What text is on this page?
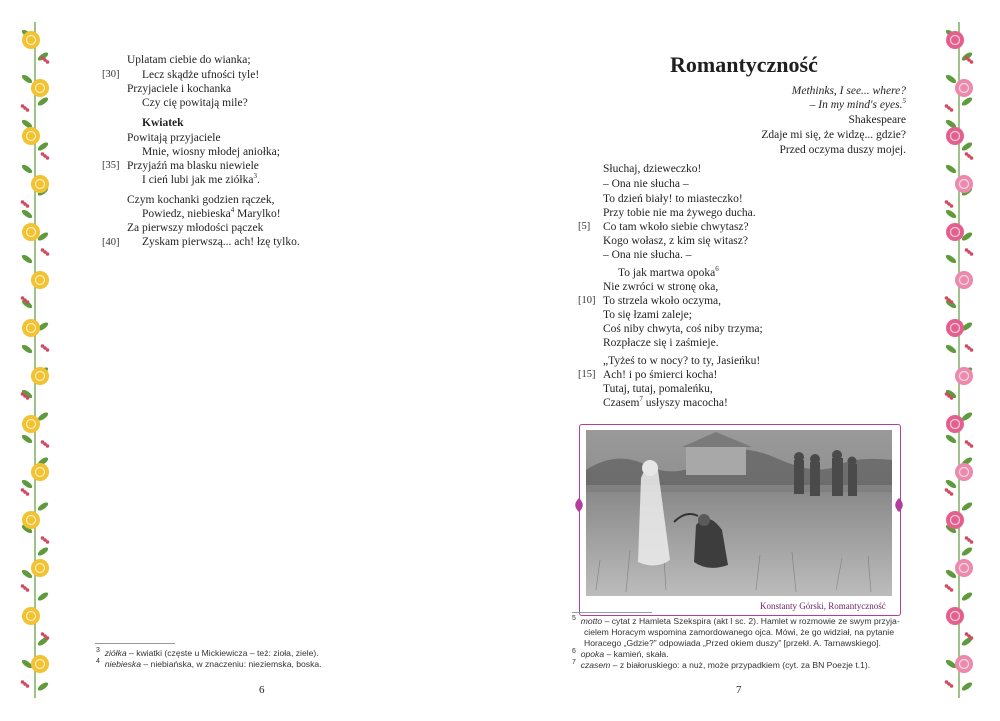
Uplatam ciebie do wianka;
[30] Lecz skądże ufności tyle!
Przyjaciele i kochanka
Czy cię powitają mile?
Kwiatek
Powitają przyjaciele
Mnie, wiosny młodej aniołka;
[35] Przyjaźń ma blasku niewiele
I cień lubi jak me ziółka$^3$.
Czym kochanki godzien rączek,
Powiedz, niebieska$^4$ Marylko!
Za pierwszy młodości pączek
[40] Zyskam pierwszą... ach! łzę tylko.
$^3$ ziółka – kwiatki (częste u Mickiewicza – też: zioła, ziele).
$^4$ niebieska – niebiańska, w znaczeniu: nieziemska, boska.
6
Romantyczność
Methinks, I see... where?
– In my mind's eyes.$^5$
Shakespeare
Zdaje mi się, że widzę... gdzie?
Przed oczyma duszy mojej.
Słuchaj, dzieweczko!
– Ona nie słucha –
To dzień biały! to miasteczko!
Przy tobie nie ma żywego ducha.
[5] Co tam wkoło siebie chwytasz?
Kogo wołasz, z kim się witasz?
– Ona nie słucha. –
To jak martwa opoka$^6$
Nie zwróci w stronę oka,
[10] To strzela wkoło oczyma,
To się łzami zaleje;
Coś niby chwyta, coś niby trzyma;
Rozpłacze się i zaśmieje.
„Tyżeś to w nocy? to ty, Jasieńku!
[15] Ach! i po śmierci kocha!
Tutaj, tutaj, pomaleńku,
Czasem$^7$ usłyszy macocha!
Konstanty Górski, Romantyczność
$^5$ motto – cytat z Hamleta Szekspira (akt I sc. 2). Hamlet w rozmowie ze swym przyja-
cielem Horacym wspomina zamordowanego ojca. Mówi, że go widział, na pytanie
Horacego „Gdzie?” odpowiada „Przed okiem duszy” [przekł. A. Tarnawskiego].
$^6$ opoka – kamień, skała.
$^7$ czasem – z białoruskiego: a nuż, może przypadkiem (cyt. za BN Poezje t.1).
7
